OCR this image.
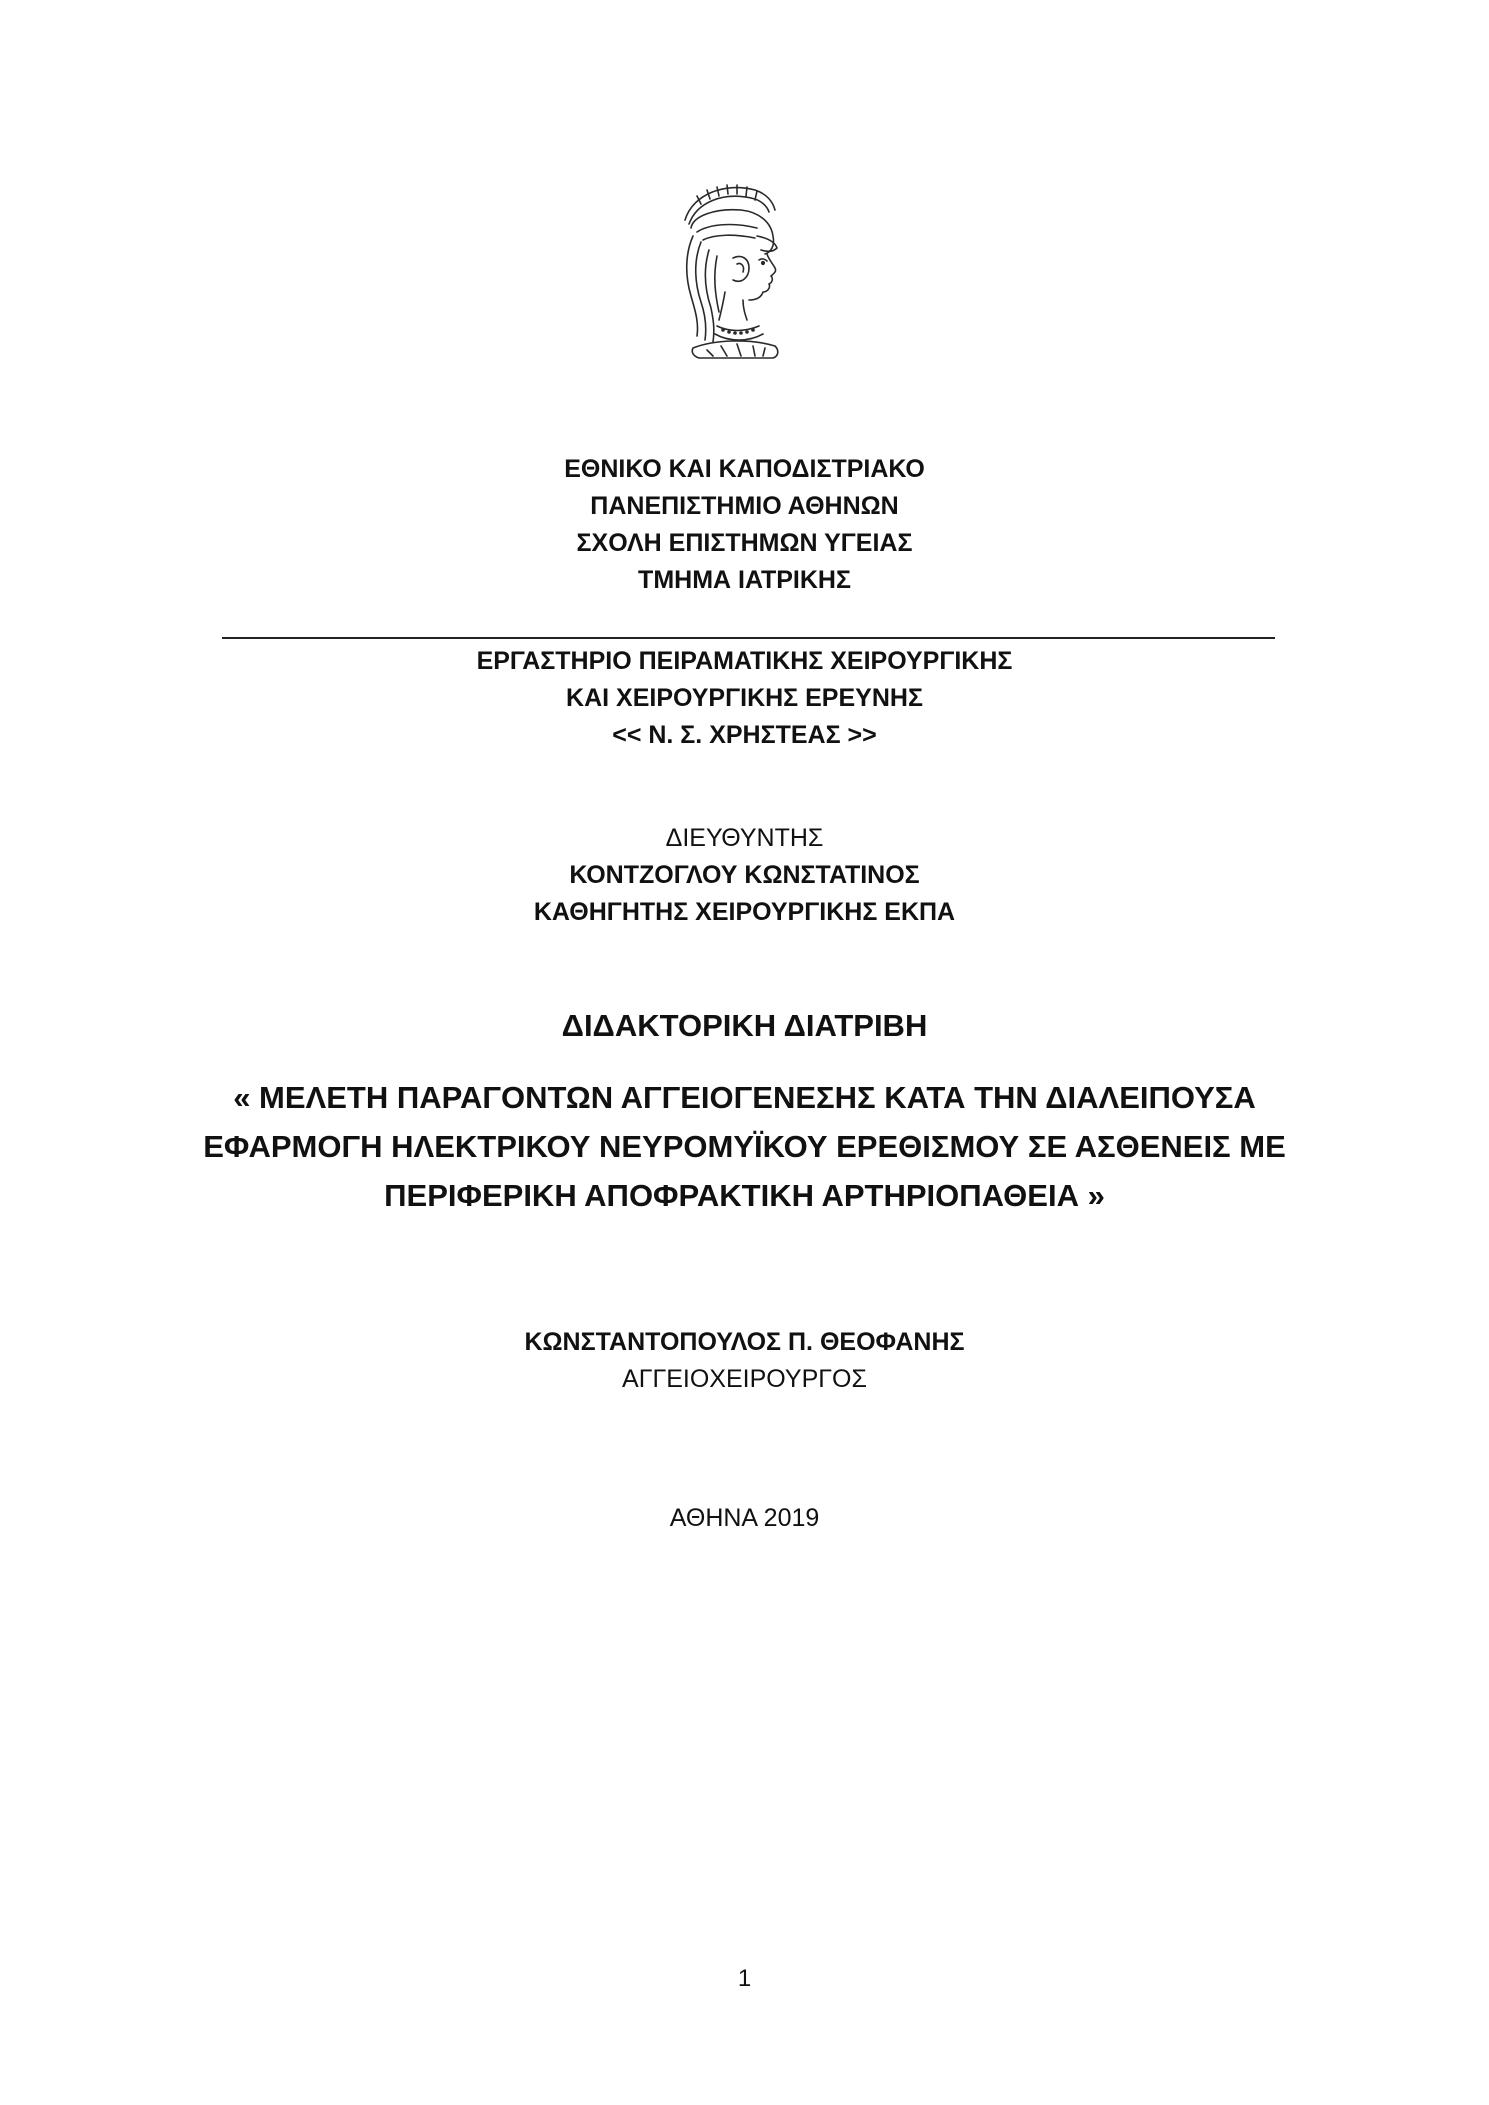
ΕΘΝΙΚΟ ΚΑΙ ΚΑΠΟΔΙΣΤΡΙΑΚΟ
ΠΑΝΕΠΙΣΤΗΜΙΟ ΑΘΗΝΩΝ
ΣΧΟΛΗ ΕΠΙΣΤΗΜΩΝ ΥΓΕΙΑΣ
ΤΜΗΜΑ ΙΑΤΡΙΚΗΣ
ΕΡΓΑΣΤΗΡΙΟ ΠΕΙΡΑΜΑΤΙΚΗΣ ΧΕΙΡΟΥΡΓΙΚΗΣ
ΚΑΙ ΧΕΙΡΟΥΡΓΙΚΗΣ ΕΡΕΥΝΗΣ
<< Ν. Σ. ΧΡΗΣΤΕΑΣ >>
ΔΙΕΥΘΥΝΤΗΣ
ΚΟΝΤΖΟΓΛΟΥ ΚΩΝΣΤΑΤΙΝΟΣ
ΚΑΘΗΓΗΤΗΣ ΧΕΙΡΟΥΡΓΙΚΗΣ ΕΚΠΑ
ΔΙΔΑΚΤΟΡΙΚΗ ΔΙΑΤΡΙΒΗ
« ΜΕΛΕΤΗ ΠΑΡΑΓΟΝΤΩΝ ΑΓΓΕΙΟΓΕΝΕΣΗΣ ΚΑΤΑ ΤΗΝ ΔΙΑΛΕΙΠΟΥΣΑ
ΕΦΑΡΜΟΓΗ ΗΛΕΚΤΡΙΚΟΥ ΝΕΥΡΟΜΥΪΚΟΥ ΕΡΕΘΙΣΜΟΥ ΣΕ ΑΣΘΕΝΕΙΣ ΜΕ
ΠΕΡΙΦΕΡΙΚΗ ΑΠΟΦΡΑΚΤΙΚΗ ΑΡΤΗΡΙΟΠΑΘΕΙΑ »
ΚΩΝΣΤΑΝΤΟΠΟΥΛΟΣ Π. ΘΕΟΦΑΝΗΣ
ΑΓΓΕΙΟΧΕΙΡΟΥΡΓΟΣ
ΑΘΗΝΑ 2019
1
